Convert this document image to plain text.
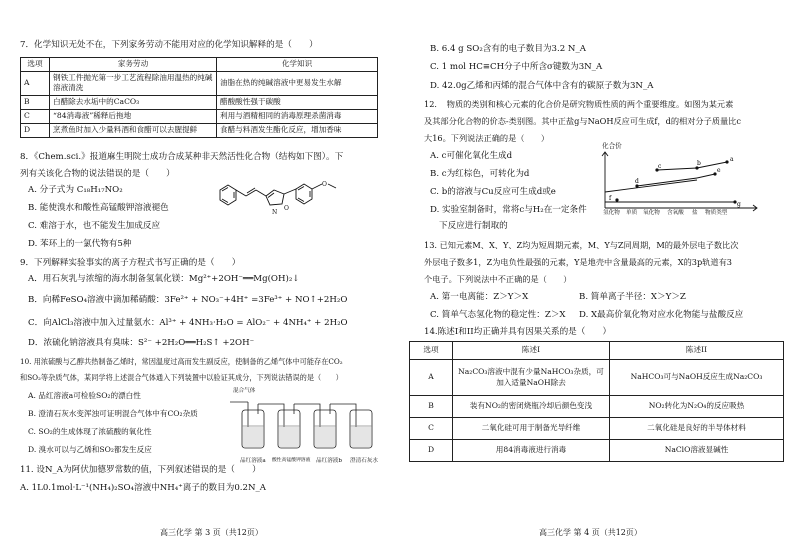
7．化学知识无处不在，下列家务劳动不能用对应的化学知识解释的是（　　）
选项	家务劳动	化学知识
A	钢铁工件抛光第一步工艺流程除油用温热的纯碱溶液清洗	油脂在热的纯碱溶液中更易发生水解
B	白醋除去水垢中的CaCO₃	醋酸酸性强于碳酸
C	“84消毒液”稀释后拖地	利用与酒精相同的消毒原理杀菌消毒
D	烹煮鱼时加入少量料酒和食醋可以去腥提鲜	食醋与料酒发生酯化反应，增加香味
8．《Chem.sci.》报道麻生明院士成功合成某种非天然活性化合物（结构如下图）。下
列有关该化合物的说法错误的是（　　）
A. 分子式为 C₁₈H₁₇NO₂
B. 能使溴水和酸性高锰酸钾溶液褪色
C. 难溶于水，也不能发生加成反应
D. 苯环上的一氯代物有5种
N
O
O
9．下列解释实验事实的离子方程式书写正确的是（　　）
A．用石灰乳与浓缩的海水制备氢氧化镁：Mg²⁺+2OH⁻══Mg(OH)₂↓
B．向稀FeSO₄溶液中滴加稀硝酸：3Fe²⁺ + NO₃⁻+4H⁺ =3Fe³⁺ + NO↑+2H₂O
C．向AlCl₃溶液中加入过量氨水：Al³⁺ + 4NH₃·H₂O = AlO₂⁻ + 4NH₄⁺ + 2H₂O
D．浓硫化钠溶液具有臭味：S²⁻ +2H₂O══H₂S↑ +2OH⁻
10. 用浓硫酸与乙醇共热制备乙烯时，常因温度过高而发生副反应，使制备的乙烯气体中可能存在CO₂
和SO₂等杂质气体，某同学将上述混合气体通入下列装置中以验证其成分，下列说法错误的是（　　）
A. 品红溶液a可检验SO₂的漂白性
B. 澄清石灰水变浑浊可证明混合气体中有CO₂杂质
C. SO₂的生成体现了浓硫酸的氧化性
D. 溴水可以与乙烯和SO₂都发生反应
混合气体
品红溶液a 酸性高锰酸钾溶液 品红溶液b 澄清石灰水
11. 设N_A为阿伏加德罗常数的值，下列叙述错误的是（　　）
A. 1L0.1mol·L⁻¹(NH₄)₂SO₄溶液中NH₄⁺离子的数目为0.2N_A
高三化学 第 3 页（共12页）
B. 6.4 g SO₂含有的电子数目为3.2 N_A
C. 1 mol HC≡CH分子中所含σ键数为3N_A
D. 42.0g乙烯和丙烯的混合气体中含有的碳原子数为3N_A
12．　物质的类别和核心元素的化合价是研究物质性质的两个重要维度。如图为某元素
及其部分化合物的价态-类别图。其中正盐g与NaOH反应可生成f，d的相对分子质量比c
大16。下列说法正确的是（　　）
A. c可催化氧化生成d
B. c为红棕色，可转化为d
C. b的溶液与Cu反应可生成d或e
D. 实验室制备时，常将c与H₂在一定条件
下反应进行制取的
化合价
a
b
c
d
e
f
g
氢化物 单质 氧化物 含氧酸 盐 物质类型
13. 已知元素M、X、Y、Z均为短周期元素，M、Y与Z同周期，M的最外层电子数比次
外层电子数多1，Z为电负性最强的元素，Y是地壳中含量最高的元素，X的3p轨道有3
个电子。下列说法中不正确的是（　　）
A. 第一电离能：Z＞Y＞X	B. 简单离子半径：X＞Y＞Z
C. 简单气态氢化物的稳定性：Z＞X D. X最高价氧化物对应水化物能与盐酸反应
14.陈述I和II均正确并具有因果关系的是（　　）
选项	陈述I	陈述II
A	Na₂CO₃溶液中混有少量NaHCO₃杂质，可加入适量NaOH除去	NaHCO₃可与NaOH反应生成Na₂CO₃
B	装有NO₂的密闭烧瓶冷却后颜色变浅	NO₂转化为N₂O₄的反应吸热
C	二氧化硅可用于制备光导纤维	二氧化硅是良好的半导体材料
D	用84消毒液进行消毒	NaClO溶液显碱性
高三化学 第 4 页（共12页）
